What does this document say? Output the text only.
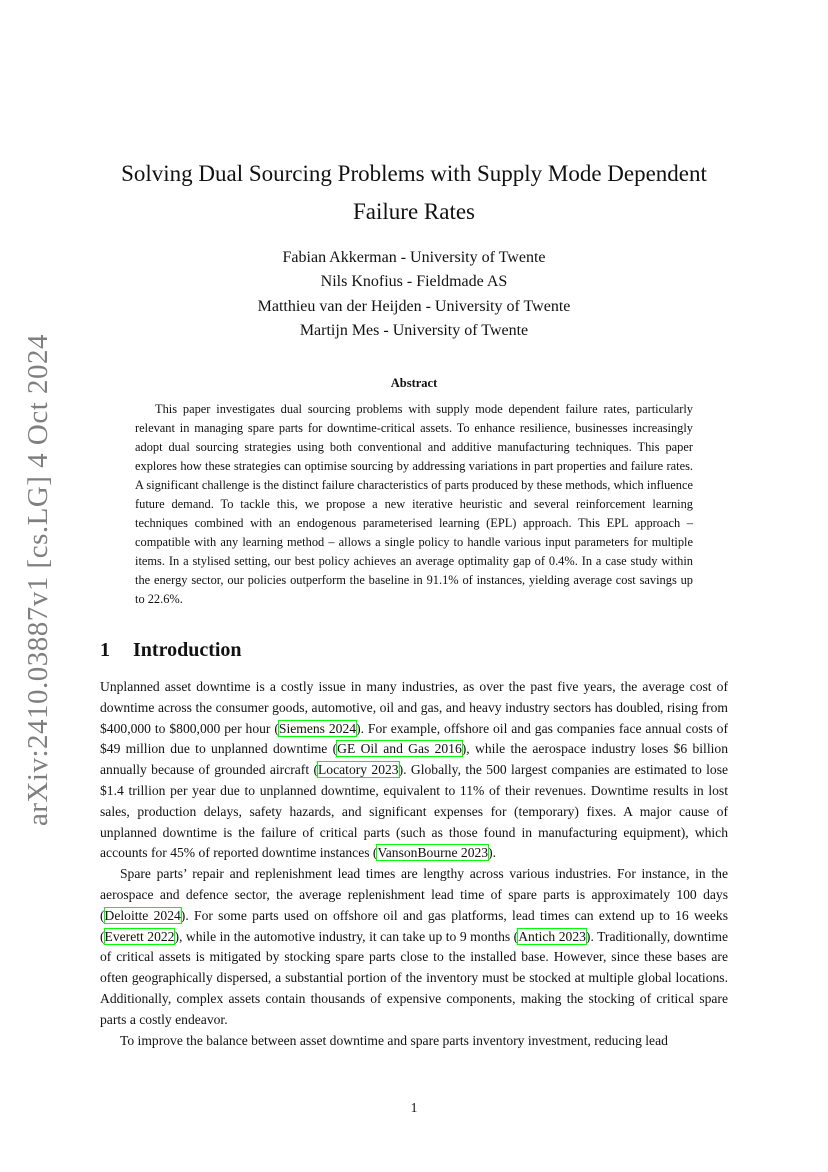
arXiv:2410.03887v1 [cs.LG] 4 Oct 2024
Solving Dual Sourcing Problems with Supply Mode Dependent Failure Rates
Fabian Akkerman - University of Twente
Nils Knofius - Fieldmade AS
Matthieu van der Heijden - University of Twente
Martijn Mes - University of Twente
Abstract
This paper investigates dual sourcing problems with supply mode dependent failure rates, particularly relevant in managing spare parts for downtime-critical assets. To enhance resilience, businesses increasingly adopt dual sourcing strategies using both conventional and additive manufacturing techniques. This paper explores how these strategies can optimise sourcing by addressing variations in part properties and failure rates. A significant challenge is the distinct failure characteristics of parts produced by these methods, which influence future demand. To tackle this, we propose a new iterative heuristic and several reinforcement learning techniques combined with an endogenous parameterised learning (EPL) approach. This EPL approach – compatible with any learning method – allows a single policy to handle various input parameters for multiple items. In a stylised setting, our best policy achieves an average optimality gap of 0.4%. In a case study within the energy sector, our policies outperform the baseline in 91.1% of instances, yielding average cost savings up to 22.6%.
1 Introduction

Unplanned asset downtime is a costly issue in many industries, as over the past five years, the average cost of downtime across the consumer goods, automotive, oil and gas, and heavy industry sectors has doubled, rising from $400,000 to $800,000 per hour (Siemens 2024). For example, offshore oil and gas companies face annual costs of $49 million due to unplanned downtime (GE Oil and Gas 2016), while the aerospace industry loses $6 billion annually because of grounded aircraft (Locatory 2023). Globally, the 500 largest companies are estimated to lose $1.4 trillion per year due to unplanned downtime, equivalent to 11% of their revenues. Downtime results in lost sales, production delays, safety hazards, and significant expenses for (temporary) fixes. A major cause of unplanned downtime is the failure of critical parts (such as those found in manufacturing equipment), which accounts for 45% of reported downtime instances (VansonBourne 2023).

Spare parts’ repair and replenishment lead times are lengthy across various industries. For instance, in the aerospace and defence sector, the average replenishment lead time of spare parts is approximately 100 days (Deloitte 2024). For some parts used on offshore oil and gas platforms, lead times can extend up to 16 weeks (Everett 2022), while in the automotive industry, it can take up to 9 months (Antich 2023). Traditionally, downtime of critical assets is mitigated by stocking spare parts close to the installed base. However, since these bases are often geographically dispersed, a substantial portion of the inventory must be stocked at multiple global locations. Additionally, complex assets contain thousands of expensive components, making the stocking of critical spare parts a costly endeavor.

To improve the balance between asset downtime and spare parts inventory investment, reducing lead

1
